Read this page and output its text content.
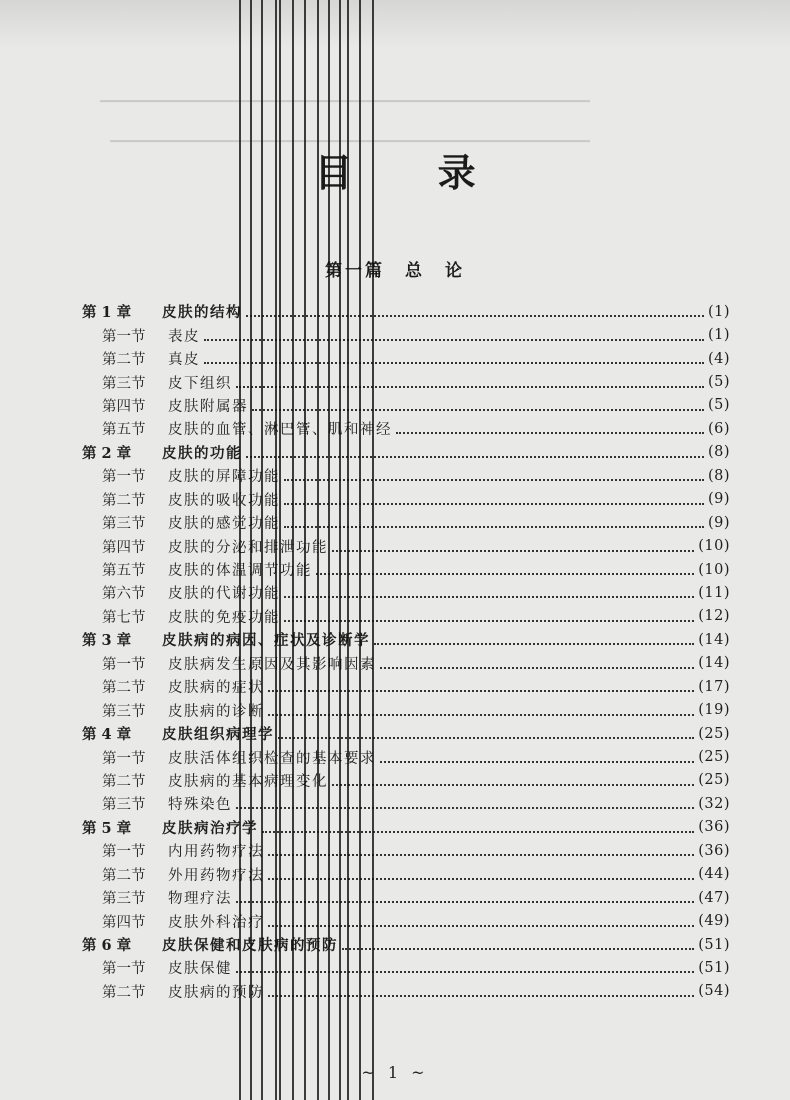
▁▁▁▁▁▁▁▁▁▁▁▁▁▁▁▁▁▁▁▁▁▁▁▁▁▁▁▁▁▁▁▁▁▁▁▁▁▁▁▁▁▁▁▁▁▁▁▁▁
▁▁▁▁▁▁▁▁▁▁▁▁▁▁▁▁▁▁▁▁▁▁▁▁▁▁▁▁▁▁▁▁▁▁▁▁▁▁▁▁▁▁▁▁▁▁▁▁
目 录
第一篇　总　论
第 1 章	皮肤的结构	(1)
第一节	表皮	(1)
第二节	真皮	(4)
第三节	皮下组织	(5)
第四节	皮肤附属器	(5)
第五节	皮肤的血管、淋巴管、肌和神经	(6)
第 2 章	皮肤的功能	(8)
第一节	皮肤的屏障功能	(8)
第二节	皮肤的吸收功能	(9)
第三节	皮肤的感觉功能	(9)
第四节	皮肤的分泌和排泄功能	(10)
第五节	皮肤的体温调节功能	(10)
第六节	皮肤的代谢功能	(11)
第七节	皮肤的免疫功能	(12)
第 3 章	皮肤病的病因、症状及诊断学	(14)
第一节	皮肤病发生原因及其影响因素	(14)
第二节	皮肤病的症状	(17)
第三节	皮肤病的诊断	(19)
第 4 章	皮肤组织病理学	(25)
第一节	皮肤活体组织检查的基本要求	(25)
第二节	皮肤病的基本病理变化	(25)
第三节	特殊染色	(32)
第 5 章	皮肤病治疗学	(36)
第一节	内用药物疗法	(36)
第二节	外用药物疗法	(44)
第三节	物理疗法	(47)
第四节	皮肤外科治疗	(49)
第 6 章	皮肤保健和皮肤病的预防	(51)
第一节	皮肤保健	(51)
第二节	皮肤病的预防	(54)
~ 1 ~
